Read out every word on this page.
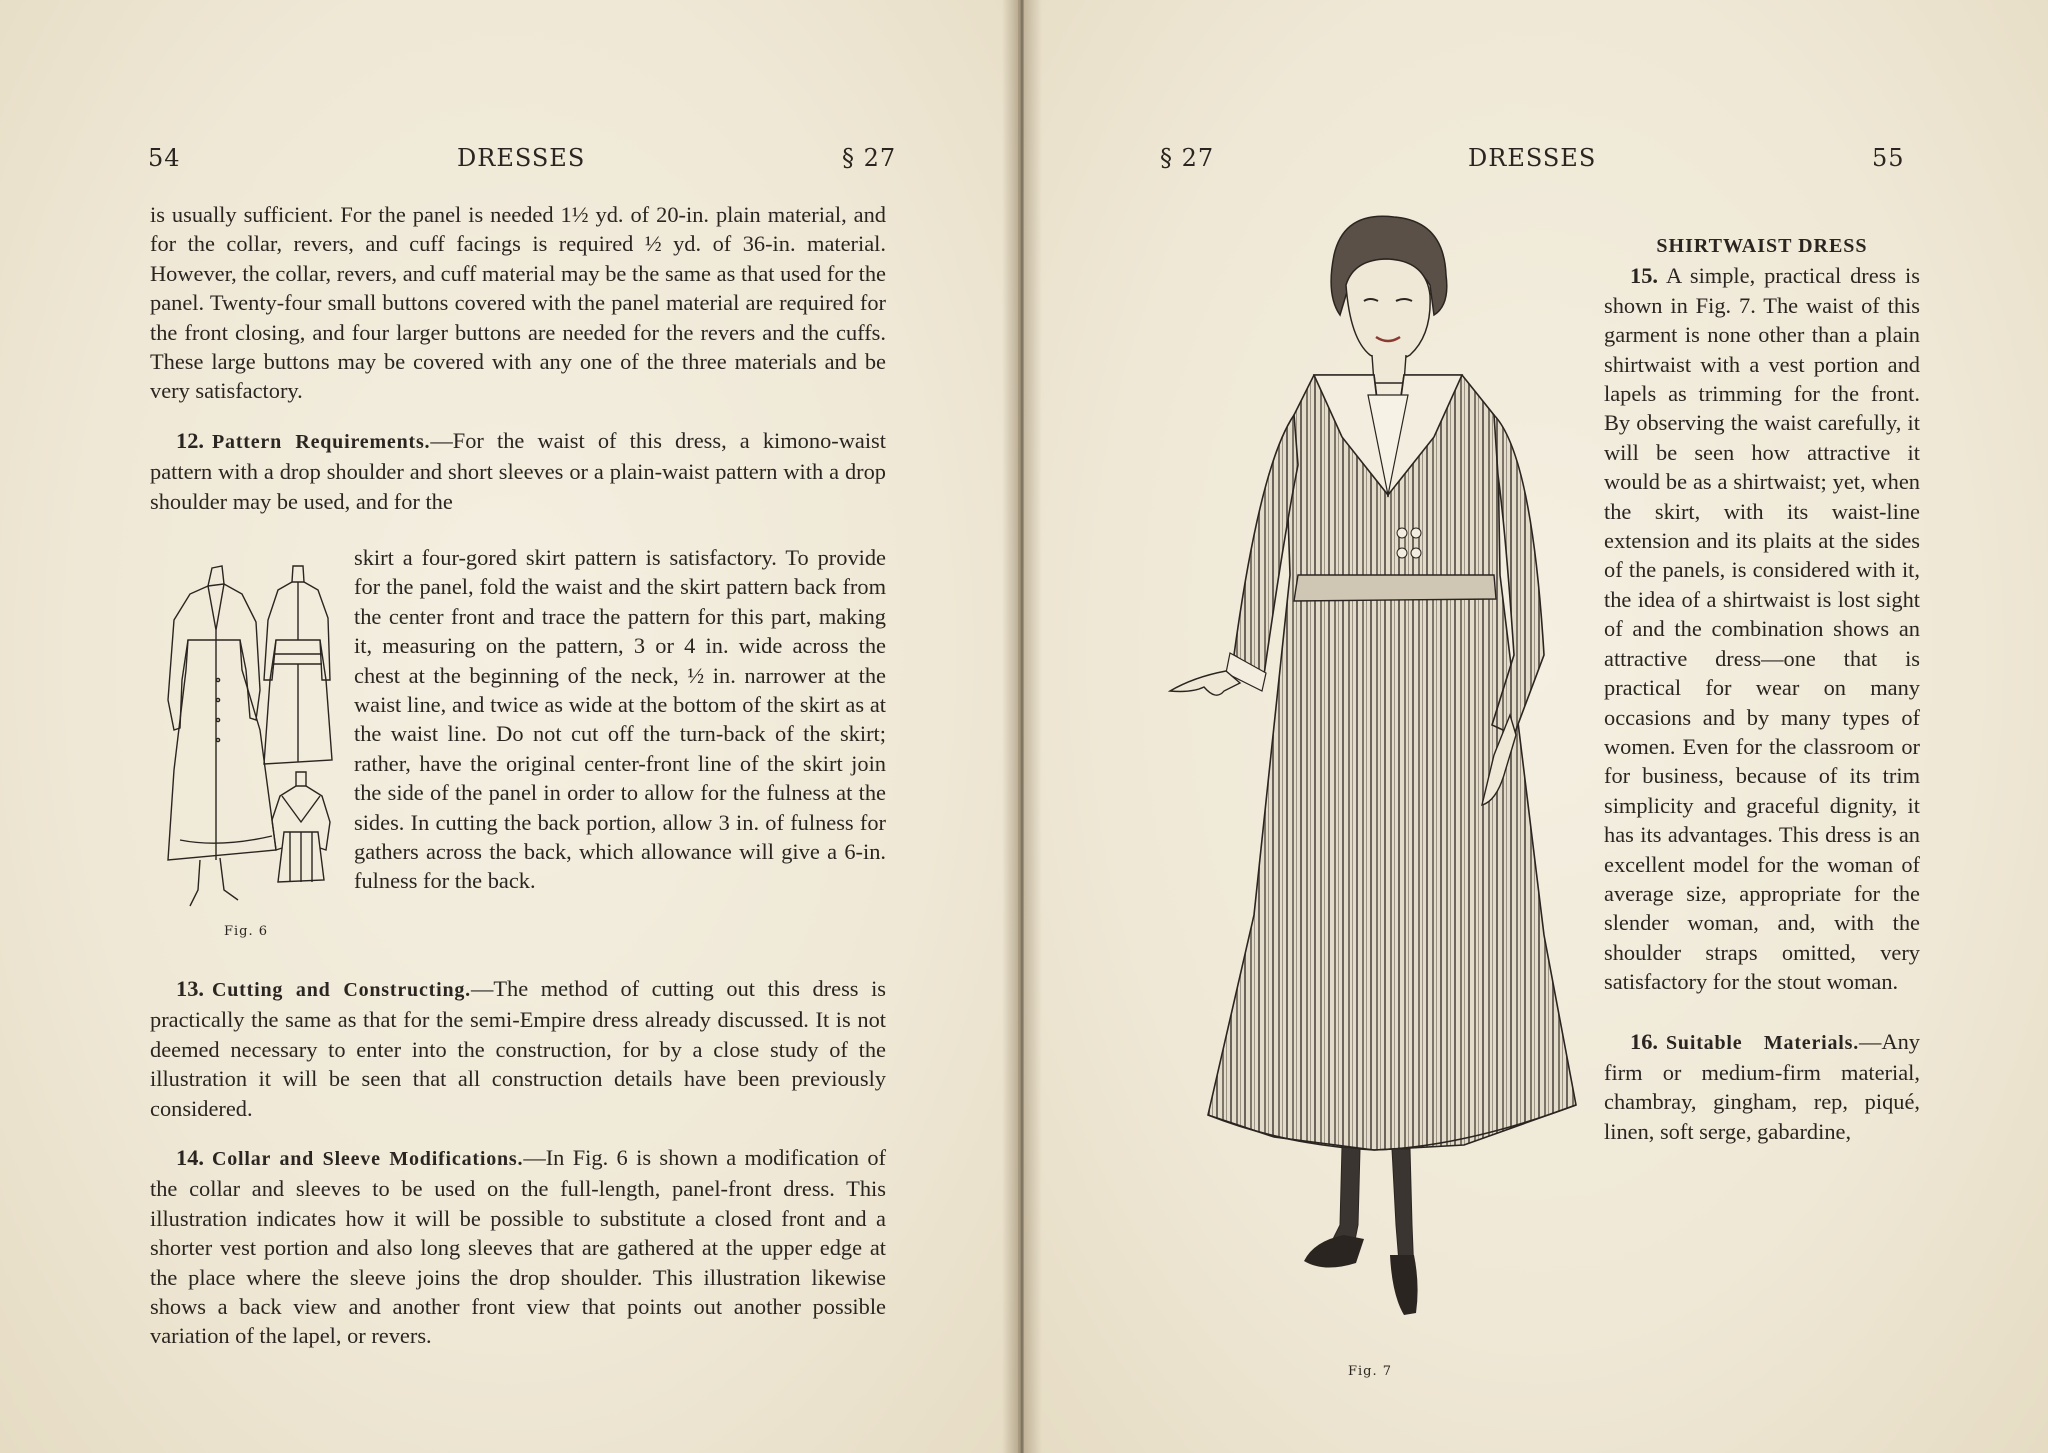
54	DRESSES	§ 27

is usually sufficient. For the panel is needed 1½ yd. of 20-in. plain material, and for the collar, revers, and cuff facings is required ½ yd. of 36-in. material. However, the collar, revers, and cuff material may be the same as that used for the panel. Twenty-four small buttons covered with the panel material are required for the front closing, and four larger buttons are needed for the revers and the cuffs. These large buttons may be covered with any one of the three materials and be very satisfactory.

12. Pattern Requirements.—For the waist of this dress, a kimono-waist pattern with a drop shoulder and short sleeves or a plain-waist pattern with a drop shoulder may be used, and for the

Fig. 6

skirt a four-gored skirt pattern is satisfactory. To provide for the panel, fold the waist and the skirt pattern back from the center front and trace the pattern for this part, making it, measuring on the pattern, 3 or 4 in. wide across the chest at the beginning of the neck, ½ in. narrower at the waist line, and twice as wide at the bottom of the skirt as at the waist line. Do not cut off the turn-back of the skirt; rather, have the original center-front line of the skirt join the side of the panel in order to allow for the fulness at the sides. In cutting the back portion, allow 3 in. of fulness for gathers across the back, which allowance will give a 6-in. fulness for the back.

13. Cutting and Constructing.—The method of cutting out this dress is practically the same as that for the semi-Empire dress already discussed. It is not deemed necessary to enter into the construction, for by a close study of the illustration it will be seen that all construction details have been previously considered.

14. Collar and Sleeve Modifications.—In Fig. 6 is shown a modification of the collar and sleeves to be used on the full-length, panel-front dress. This illustration indicates how it will be possible to substitute a closed front and a shorter vest portion and also long sleeves that are gathered at the upper edge at the place where the sleeve joins the drop shoulder. This illustration likewise shows a back view and another front view that points out another possible variation of the lapel, or revers.

§ 27	DRESSES	55
Fig. 7

SHIRTWAIST DRESS

15. A simple, practical dress is shown in Fig. 7. The waist of this garment is none other than a plain shirtwaist with a vest portion and lapels as trimming for the front. By observing the waist carefully, it will be seen how attractive it would be as a shirtwaist; yet, when the skirt, with its waist-line extension and its plaits at the sides of the panels, is considered with it, the idea of a shirtwaist is lost sight of and the combination shows an attractive dress—one that is practical for wear on many occasions and by many types of women. Even for the classroom or for business, because of its trim simplicity and graceful dignity, it has its advantages. This dress is an excellent model for the woman of average size, appropriate for the slender woman, and, with the shoulder straps omitted, very satisfactory for the stout woman.

16. Suitable Materials.—Any firm or medium-firm material, chambray, gingham, rep, piqué, linen, soft serge, gabardine,
